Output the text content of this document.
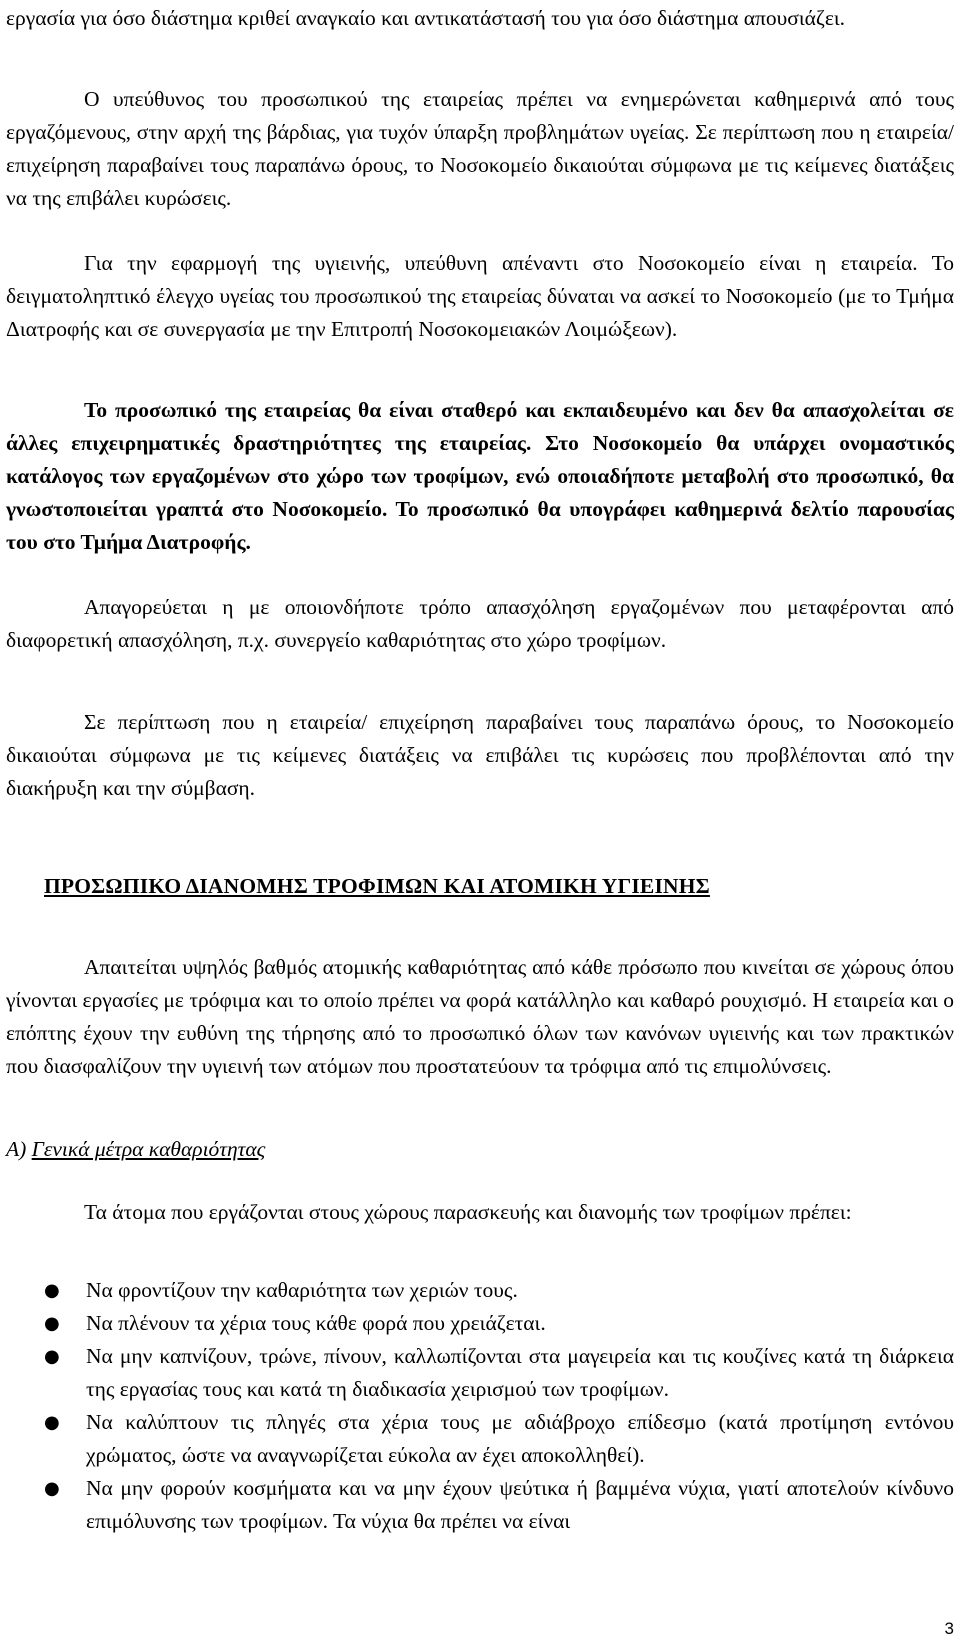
εργασία για όσο διάστημα κριθεί αναγκαίο και αντικατάστασή του για όσο διάστημα απουσιάζει.

Ο υπεύθυνος του προσωπικού της εταιρείας πρέπει να ενημερώνεται καθημερινά από τους εργαζόμενους, στην αρχή της βάρδιας, για τυχόν ύπαρξη προβλημάτων υγείας. Σε περίπτωση που η εταιρεία/επιχείρηση παραβαίνει τους παραπάνω όρους, το Νοσοκομείο δικαιούται σύμφωνα με τις κείμενες διατάξεις να της επιβάλει κυρώσεις.

Για την εφαρμογή της υγιεινής, υπεύθυνη απέναντι στο Νοσοκομείο είναι η εταιρεία. Το δειγματοληπτικό έλεγχο υγείας του προσωπικού της εταιρείας δύναται να ασκεί το Νοσοκομείο (με το Τμήμα Διατροφής και σε συνεργασία με την Επιτροπή Νοσοκομειακών Λοιμώξεων).

Το προσωπικό της εταιρείας θα είναι σταθερό και εκπαιδευμένο και δεν θα απασχολείται σε άλλες επιχειρηματικές δραστηριότητες της εταιρείας. Στο Νοσοκομείο θα υπάρχει ονομαστικός κατάλογος των εργαζομένων στο χώρο των τροφίμων, ενώ οποιαδήποτε μεταβολή στο προσωπικό, θα γνωστοποιείται γραπτά στο Νοσοκομείο. Το προσωπικό θα υπογράφει καθημερινά δελτίο παρουσίας του στο Τμήμα Διατροφής.

Απαγορεύεται η με οποιονδήποτε τρόπο απασχόληση εργαζομένων που μεταφέρονται από διαφορετική απασχόληση, π.χ. συνεργείο καθαριότητας στο χώρο τροφίμων.

Σε περίπτωση που η εταιρεία/ επιχείρηση παραβαίνει τους παραπάνω όρους, το Νοσοκομείο δικαιούται σύμφωνα με τις κείμενες διατάξεις να επιβάλει τις κυρώσεις που προβλέπονται από την διακήρυξη και την σύμβαση.

ΠΡΟΣΩΠΙΚΟ ΔΙΑΝΟΜΗΣ ΤΡΟΦΙΜΩΝ ΚΑΙ ΑΤΟΜΙΚΗ ΥΓΙΕΙΝΗΣ

Απαιτείται υψηλός βαθμός ατομικής καθαριότητας από κάθε πρόσωπο που κινείται σε χώρους όπου γίνονται εργασίες με τρόφιμα και το οποίο πρέπει να φορά κατάλληλο και καθαρό ρουχισμό. Η εταιρεία και ο επόπτης έχουν την ευθύνη της τήρησης από το προσωπικό όλων των κανόνων υγιεινής και των πρακτικών που διασφαλίζουν την υγιεινή των ατόμων που προστατεύουν τα τρόφιμα από τις επιμολύνσεις.

Α) Γενικά μέτρα καθαριότητας

Τα άτομα που εργάζονται στους χώρους παρασκευής και διανομής των τροφίμων πρέπει:

● Να φροντίζουν την καθαριότητα των χεριών τους.
● Να πλένουν τα χέρια τους κάθε φορά που χρειάζεται.
● Να μην καπνίζουν, τρώνε, πίνουν, καλλωπίζονται στα μαγειρεία και τις κουζίνες κατά τη διάρκεια της εργασίας τους και κατά τη διαδικασία χειρισμού των τροφίμων.
● Να καλύπτουν τις πληγές στα χέρια τους με αδιάβροχο επίδεσμο (κατά προτίμηση εντόνου χρώματος, ώστε να αναγνωρίζεται εύκολα αν έχει αποκολληθεί).
● Να μην φορούν κοσμήματα και να μην έχουν ψεύτικα ή βαμμένα νύχια, γιατί αποτελούν κίνδυνο επιμόλυνσης των τροφίμων. Τα νύχια θα πρέπει να είναι
3
